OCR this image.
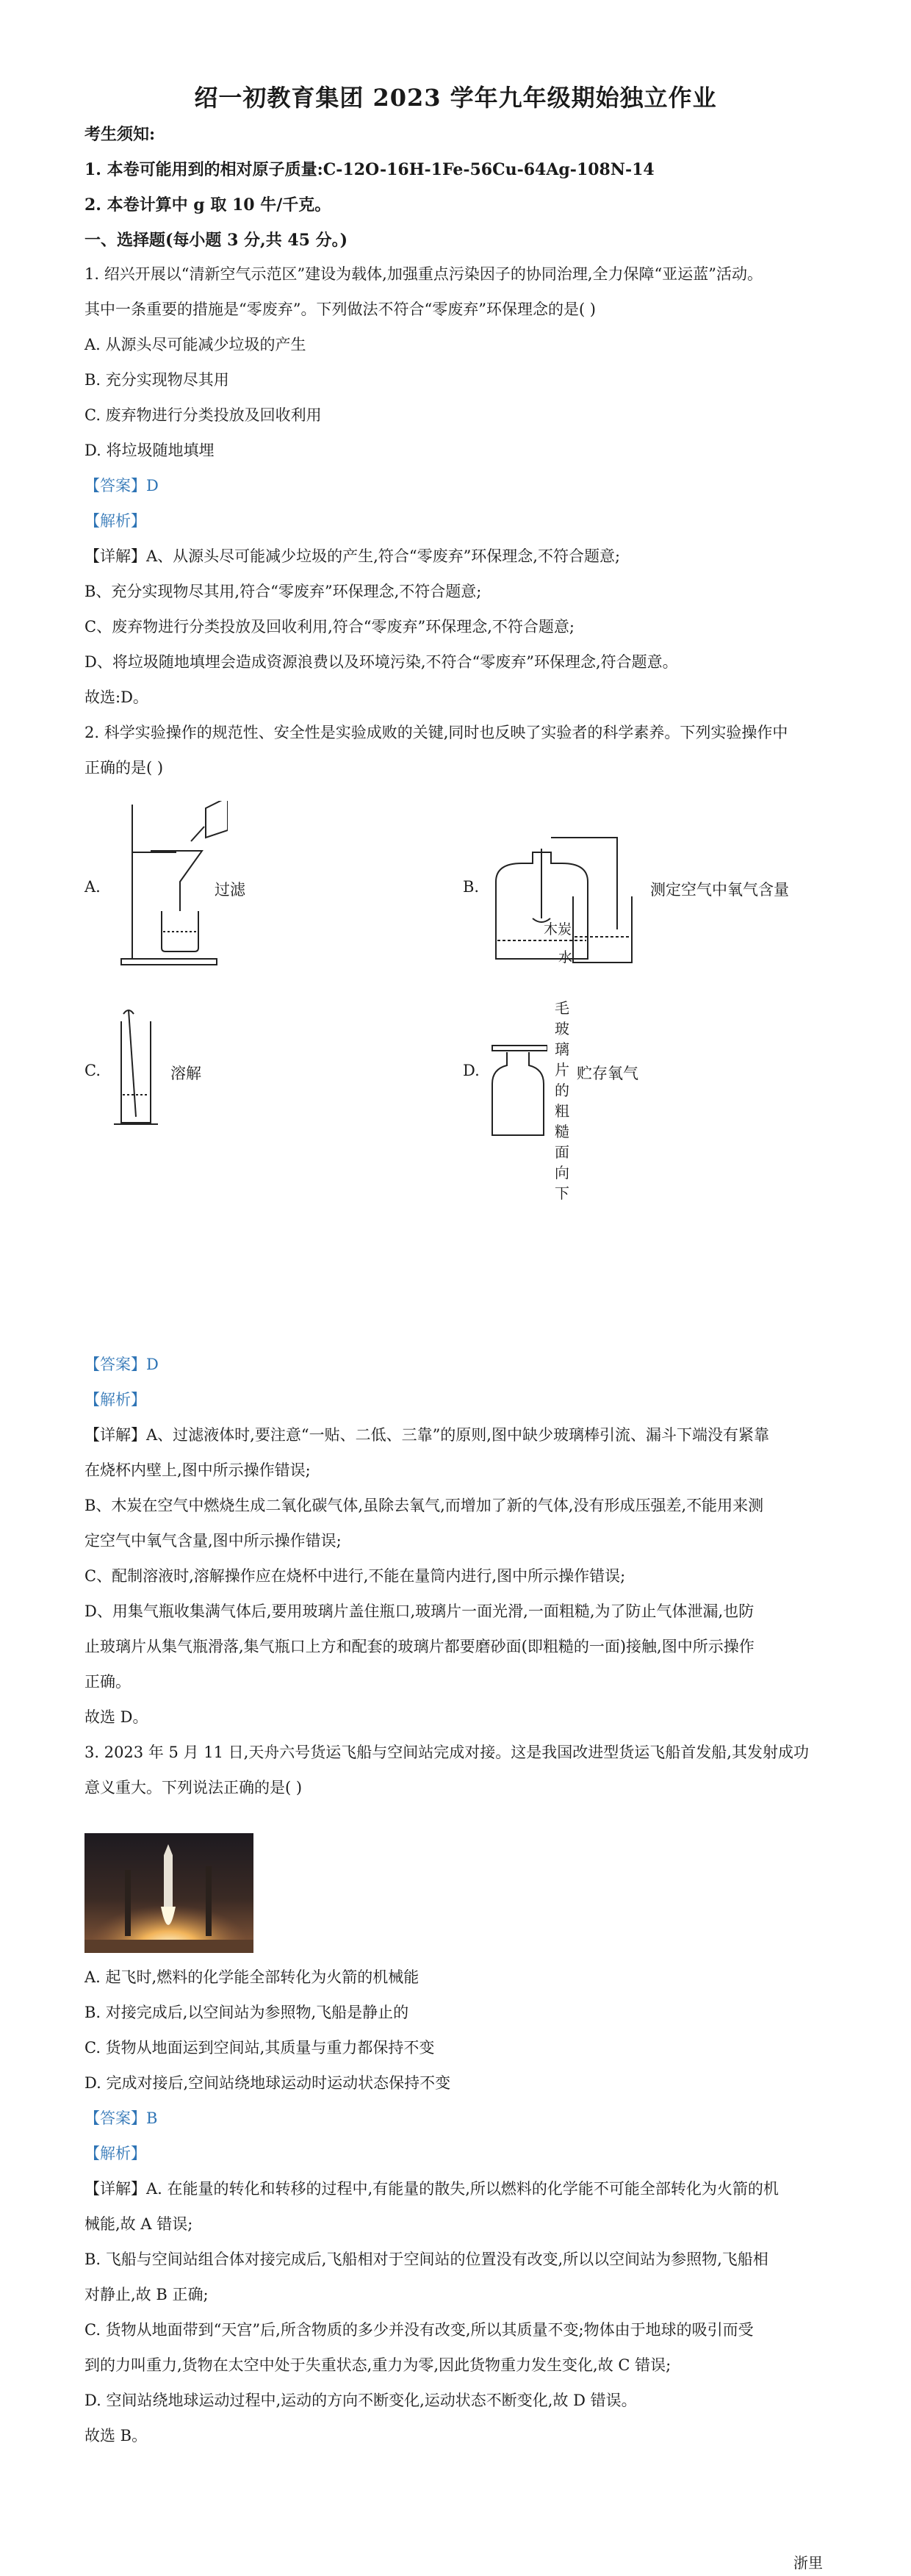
绍一初教育集团 2023 学年九年级期始独立作业
考生须知:
1. 本卷可能用到的相对原子质量:C-12O-16H-1Fe-56Cu-64Ag-108N-14
2. 本卷计算中 g 取 10 牛/千克。
一、选择题(每小题 3 分,共 45 分。)
1. 绍兴开展以“清新空气示范区”建设为载体,加强重点污染因子的协同治理,全力保障“亚运蓝”活动。
其中一条重要的措施是“零废弃”。下列做法不符合“零废弃”环保理念的是( )
A. 从源头尽可能减少垃圾的产生
B. 充分实现物尽其用
C. 废弃物进行分类投放及回收利用
D. 将垃圾随地填埋
【答案】D
【解析】
【详解】A、从源头尽可能减少垃圾的产生,符合“零废弃”环保理念,不符合题意;
B、充分实现物尽其用,符合“零废弃”环保理念,不符合题意;
C、废弃物进行分类投放及回收利用,符合“零废弃”环保理念,不符合题意;
D、将垃圾随地填埋会造成资源浪费以及环境污染,不符合“零废弃”环保理念,符合题意。
故选:D。
2. 科学实验操作的规范性、安全性是实验成败的关键,同时也反映了实验者的科学素养。下列实验操作中
正确的是( )
A.	过滤	B.
木炭
水
测定空气中氧气含量
C.	溶解	D.
毛玻璃片的粗糙面向下
贮存氧气
【答案】D
【解析】
【详解】A、过滤液体时,要注意“一贴、二低、三靠”的原则,图中缺少玻璃棒引流、漏斗下端没有紧靠
在烧杯内壁上,图中所示操作错误;
B、木炭在空气中燃烧生成二氧化碳气体,虽除去氧气,而增加了新的气体,没有形成压强差,不能用来测
定空气中氧气含量,图中所示操作错误;
C、配制溶液时,溶解操作应在烧杯中进行,不能在量筒内进行,图中所示操作错误;
D、用集气瓶收集满气体后,要用玻璃片盖住瓶口,玻璃片一面光滑,一面粗糙,为了防止气体泄漏,也防
止玻璃片从集气瓶滑落,集气瓶口上方和配套的玻璃片都要磨砂面(即粗糙的一面)接触,图中所示操作
正确。
故选 D。
3. 2023 年 5 月 11 日,天舟六号货运飞船与空间站完成对接。这是我国改进型货运飞船首发船,其发射成功
意义重大。下列说法正确的是( )
A. 起飞时,燃料的化学能全部转化为火箭的机械能
B. 对接完成后,以空间站为参照物,飞船是静止的
C. 货物从地面运到空间站,其质量与重力都保持不变
D. 完成对接后,空间站绕地球运动时运动状态保持不变
【答案】B
【解析】
【详解】A. 在能量的转化和转移的过程中,有能量的散失,所以燃料的化学能不可能全部转化为火箭的机
械能,故 A 错误;
B. 飞船与空间站组合体对接完成后,飞船相对于空间站的位置没有改变,所以以空间站为参照物,飞船相
对静止,故 B 正确;
C. 货物从地面带到“天宫”后,所含物质的多少并没有改变,所以其质量不变;物体由于地球的吸引而受
到的力叫重力,货物在太空中处于失重状态,重力为零,因此货物重力发生变化,故 C 错误;
D. 空间站绕地球运动过程中,运动的方向不断变化,运动状态不断变化,故 D 错误。
故选 B。
浙里
